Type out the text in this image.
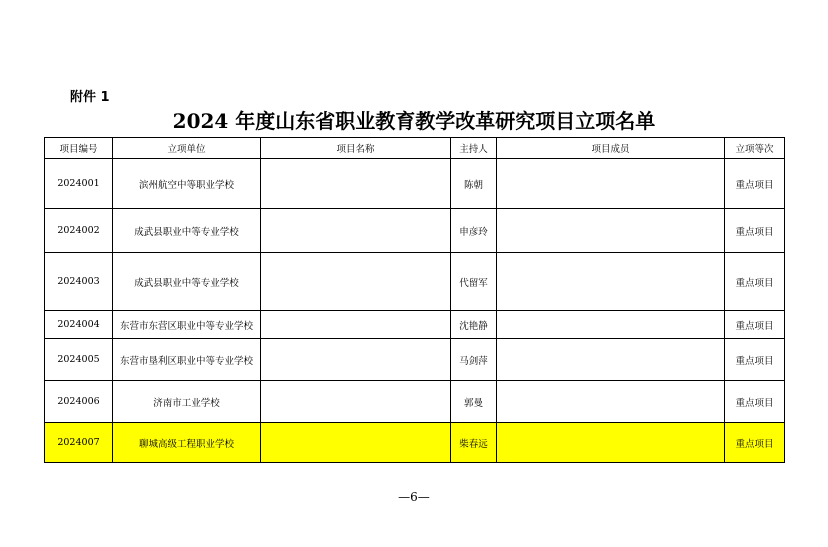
附件 1
2024 年度山东省职业教育教学改革研究项目立项名单
项目编号	立项单位	项目名称	主持人	项目成员	立项等次
2024001	滨州航空中等职业学校		陈朝		重点项目
2024002	成武县职业中等专业学校		申彦玲		重点项目
2024003	成武县职业中等专业学校		代留军		重点项目
2024004	东营市东营区职业中等专业学校		沈艳静		重点项目
2024005	东营市垦利区职业中等专业学校		马剑萍		重点项目
2024006	济南市工业学校		郭曼		重点项目
2024007	聊城高级工程职业学校		柴春远		重点项目
—6—
